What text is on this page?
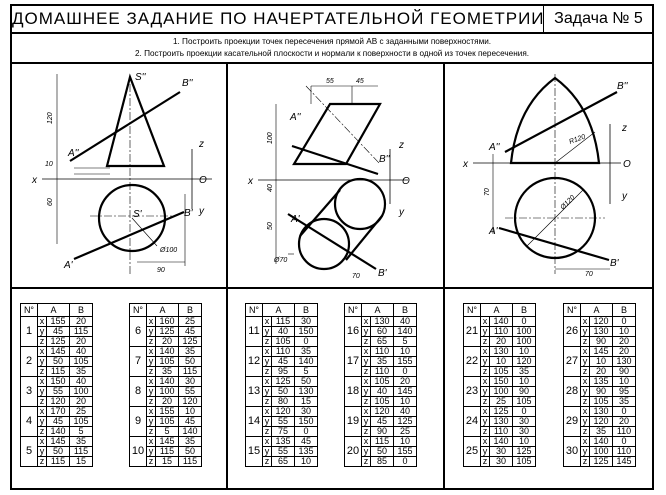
ДОМАШНЕЕ ЗАДАНИЕ ПО НАЧЕРТАТЕЛЬНОЙ ГЕОМЕТРИИ Задача № 5
1. Построить проекции точек пересечения прямой АВ с заданными поверхностями.
2. Построить проекции касательной плоскости и нормали к поверхности в одной из точек пересечения.
S''
B''
A''
S'	B'
A'
x	O
z
y
120
10
60
Ø100
90
A''
B''
A'
B'
x	O
z
y
55	45
100
40
50
Ø70
70
B''
A''
A'
B'
x	O
z
y
R120
Ø120
70
70
N°	A		B
1	x	155	20
	y	45	115
	z	125	20
2	x	145	40
	y	50	105
	z	115	35
3	x	150	40
	y	55	100
	z	120	20
4	x	170	25
	y	45	105
	z	140	5
5	x	145	35
	y	50	115
	z	115	15
N°	A		B
6	x	160	25
	y	125	45
	z	20	125
7	x	140	35
	y	105	50
	z	35	115
8	x	140	30
	y	100	55
	z	20	120
9	x	155	10
	y	105	45
	z	5	140
10	x	145	35
	y	115	50
	z	15	115
N°	A		B
11	x	115	30
	y	40	150
	z	105	0
12	x	110	35
	y	45	140
	z	95	5
13	x	125	50
	y	50	130
	z	80	15
14	x	120	30
	y	55	150
	z	75	0
15	x	135	45
	y	55	135
	z	65	10
N°	A		B
16	x	130	40
	y	60	140
	z	65	5
17	x	110	10
	y	35	155
	z	110	0
18	x	105	20
	y	40	145
	z	105	10
19	x	120	40
	y	45	125
	z	90	25
20	x	115	10
	y	50	155
	z	85	0
N°	A		B
21	x	140	0
	y	110	100
	z	20	100
22	x	130	10
	y	10	120
	z	105	35
23	x	150	10
	y	100	90
	z	25	105
24	x	125	0
	y	130	30
	z	110	30
25	x	140	10
	y	30	125
	z	30	105
N°	A		B
26	x	120	0
	y	130	10
	z	90	20
27	x	145	20
	y	10	130
	z	20	90
28	x	135	10
	y	90	95
	z	105	35
29	x	130	0
	y	120	20
	z	35	110
30	x	140	0
	y	100	110
	z	125	145
